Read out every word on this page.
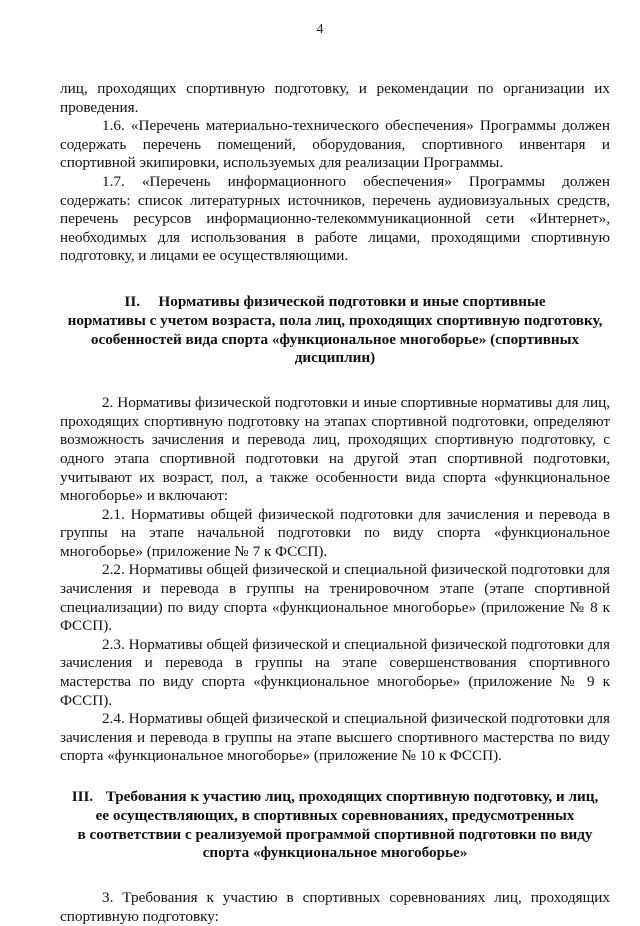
4

лиц, проходящих спортивную подготовку, и рекомендации по организации их проведения.

1.6. «Перечень материально-технического обеспечения» Программы должен содержать перечень помещений, оборудования, спортивного инвентаря и спортивной экипировки, используемых для реализации Программы.

1.7. «Перечень информационного обеспечения» Программы должен содержать: список литературных источников, перечень аудиовизуальных средств, перечень ресурсов информационно-телекоммуникационной сети «Интернет», необходимых для использования в работе лицами, проходящими спортивную подготовку, и лицами ее осуществляющими.

II. Нормативы физической подготовки и иные спортивные
нормативы с учетом возраста, пола лиц, проходящих спортивную подготовку,
особенностей вида спорта «функциональное многоборье» (спортивных
дисциплин)

2. Нормативы физической подготовки и иные спортивные нормативы для лиц, проходящих спортивную подготовку на этапах спортивной подготовки, определяют возможность зачисления и перевода лиц, проходящих спортивную подготовку, с одного этапа спортивной подготовки на другой этап спортивной подготовки, учитывают их возраст, пол, а также особенности вида спорта «функциональное многоборье» и включают:

2.1. Нормативы общей физической подготовки для зачисления и перевода в группы на этапе начальной подготовки по виду спорта «функциональное многоборье» (приложение № 7 к ФССП).

2.2. Нормативы общей физической и специальной физической подготовки для зачисления и перевода в группы на тренировочном этапе (этапе спортивной специализации) по виду спорта «функциональное многоборье» (приложение № 8 к ФССП).

2.3. Нормативы общей физической и специальной физической подготовки для зачисления и перевода в группы на этапе совершенствования спортивного мастерства по виду спорта «функциональное многоборье» (приложение № 9 к ФССП).

2.4. Нормативы общей физической и специальной физической подготовки для зачисления и перевода в группы на этапе высшего спортивного мастерства по виду спорта «функциональное многоборье» (приложение № 10 к ФССП).

III. Требования к участию лиц, проходящих спортивную подготовку, и лиц,
ее осуществляющих, в спортивных соревнованиях, предусмотренных
в соответствии с реализуемой программой спортивной подготовки по виду
спорта «функциональное многоборье»

3. Требования к участию в спортивных соревнованиях лиц, проходящих спортивную подготовку:
